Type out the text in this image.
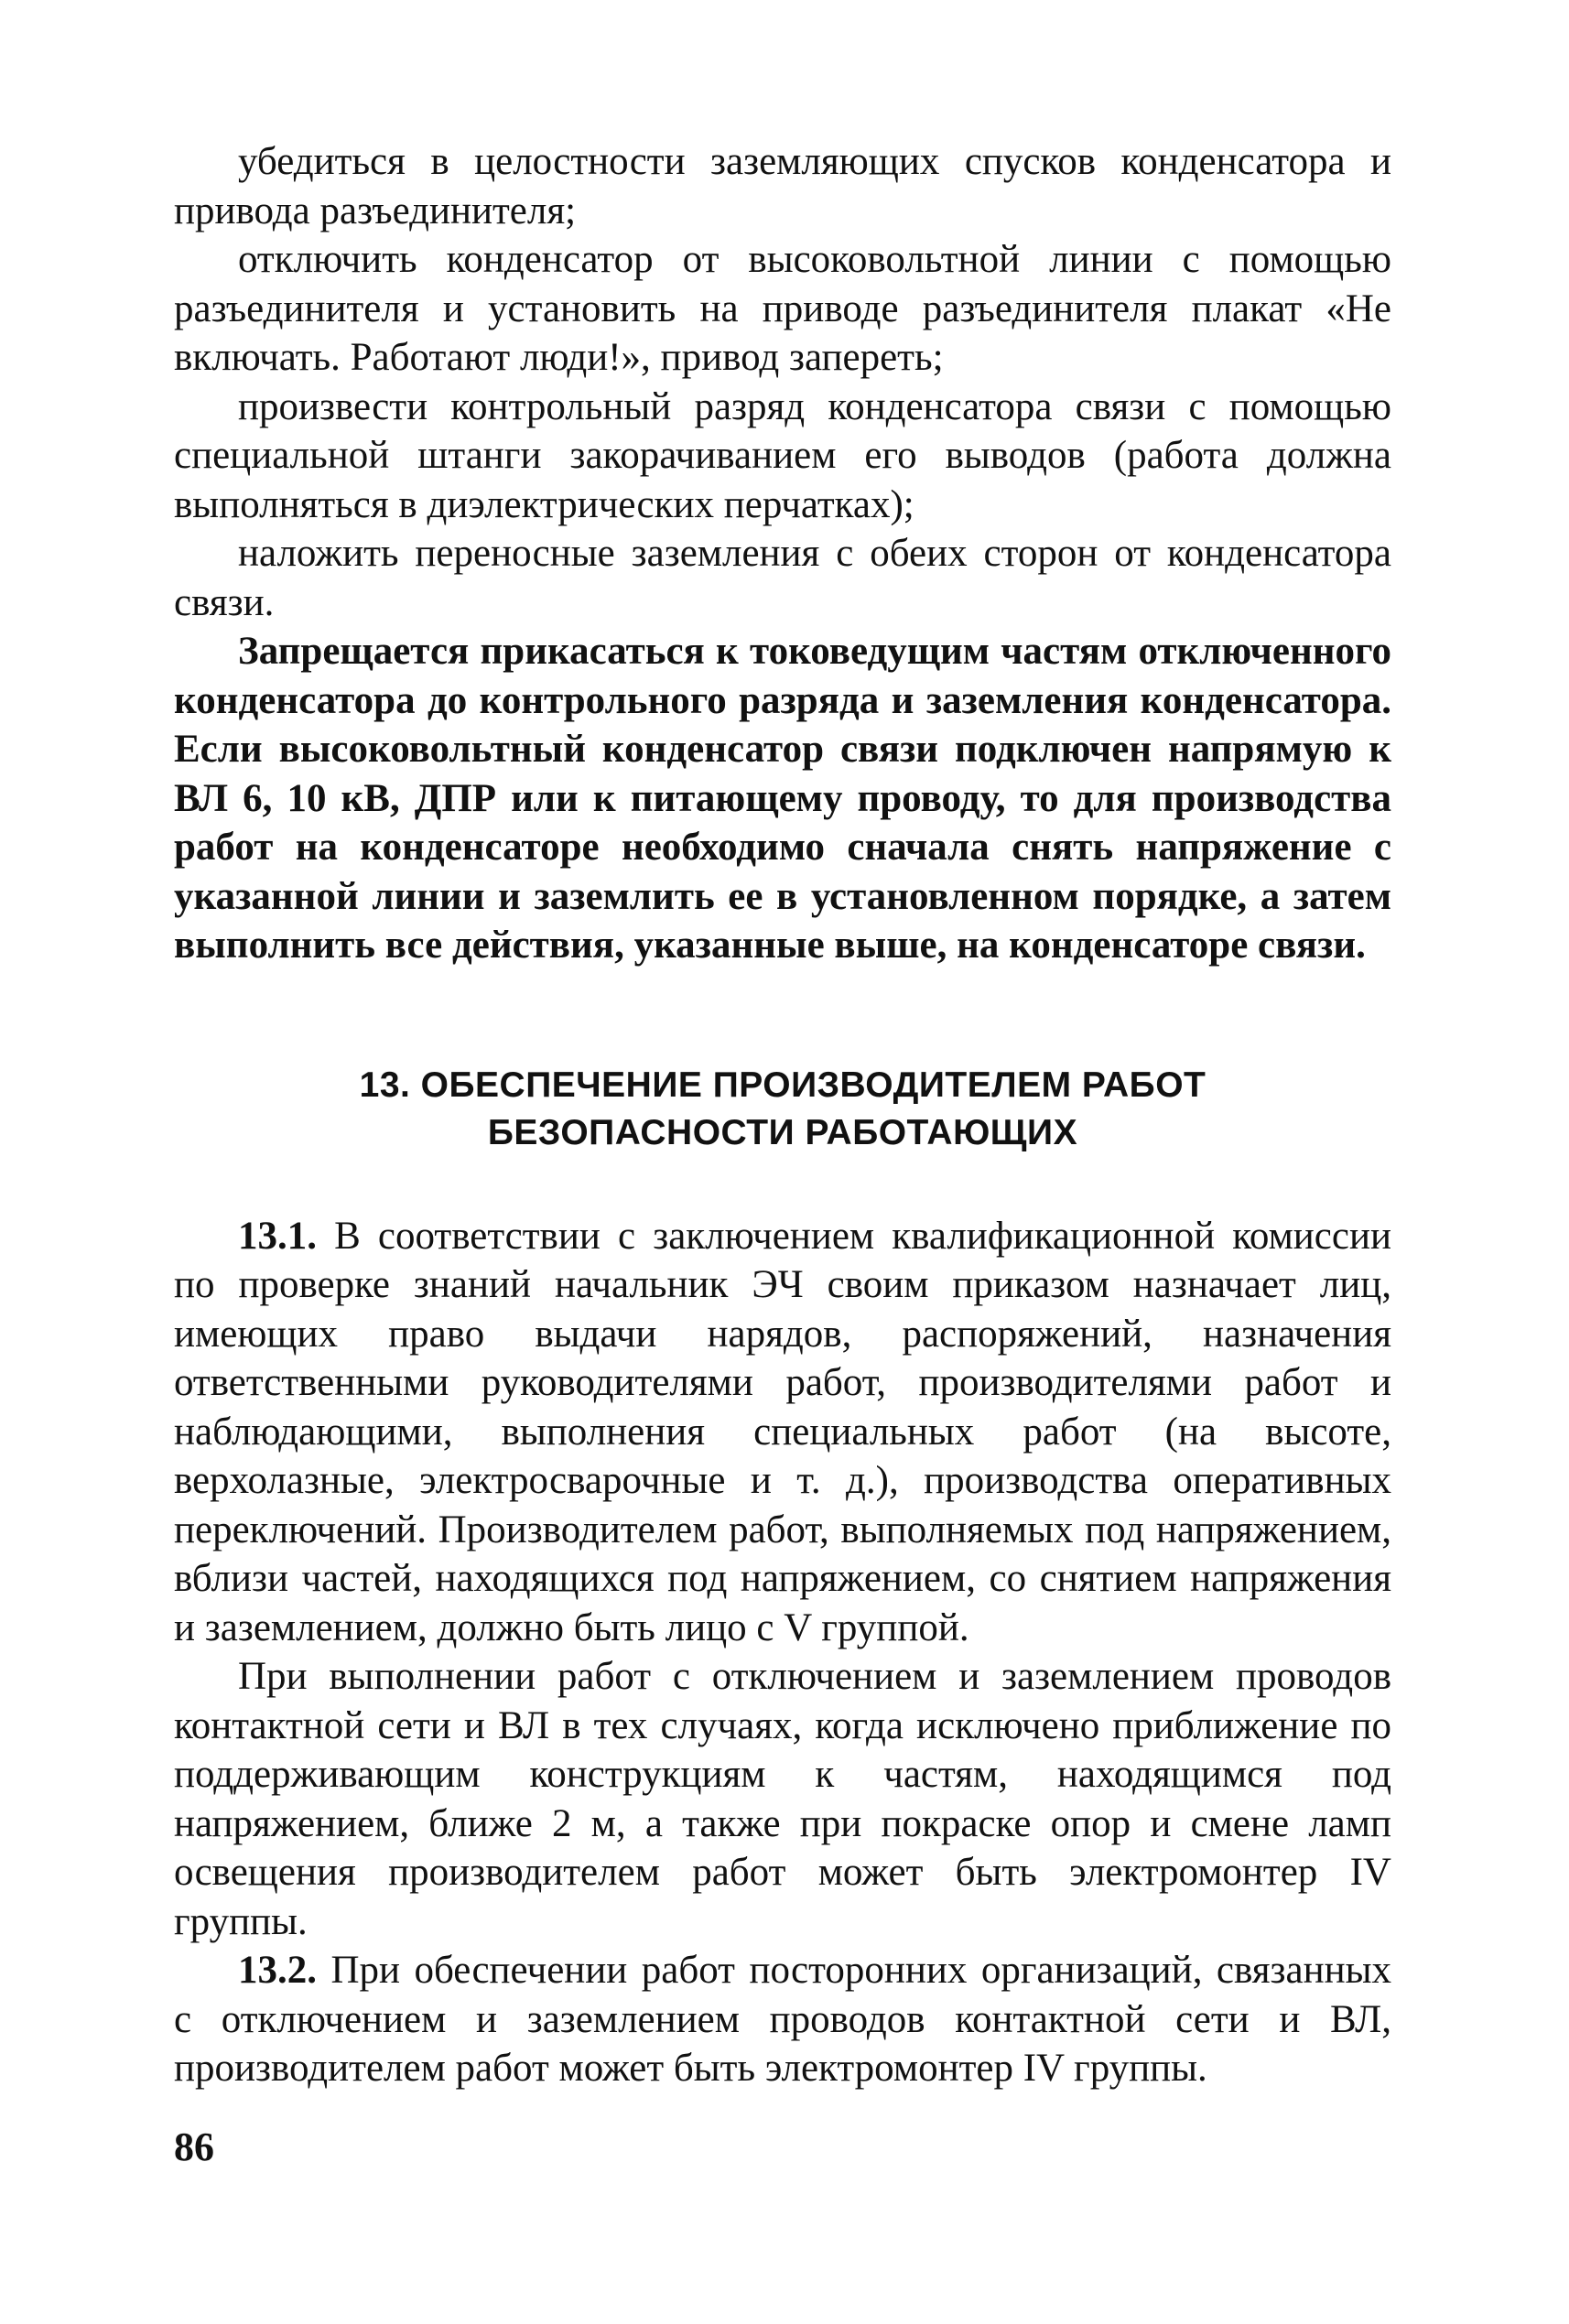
убедиться в целостности заземляющих спусков конденсатора и привода разъединителя;

отключить конденсатор от высоковольтной линии с помощью разъединителя и установить на приводе разъединителя плакат «Не включать. Работают люди!», привод запереть;

произвести контрольный разряд конденсатора связи с помощью специальной штанги закорачиванием его выводов (работа должна выполняться в диэлектрических перчатках);

наложить переносные заземления с обеих сторон от конденсатора связи.

Запрещается прикасаться к токоведущим частям отключенного конденсатора до контрольного разряда и заземления конденсатора. Если высоковольтный конденсатор связи подключен напрямую к ВЛ 6, 10 кВ, ДПР или к питающему проводу, то для производства работ на конденсаторе необходимо сначала снять напряжение с указанной линии и заземлить ее в установленном порядке, а затем выполнить все действия, указанные выше, на конденсаторе связи.

13. ОБЕСПЕЧЕНИЕ ПРОИЗВОДИТЕЛЕМ РАБОТ
БЕЗОПАСНОСТИ РАБОТАЮЩИХ

13.1. В соответствии с заключением квалификационной комиссии по проверке знаний начальник ЭЧ своим приказом назначает лиц, имеющих право выдачи нарядов, распоряжений, назначения ответственными руководителями работ, производителями работ и наблюдающими, выполнения специальных работ (на высоте, верхолазные, электросварочные и т. д.), производства оперативных переключений. Производителем работ, выполняемых под напряжением, вблизи частей, находящихся под напряжением, со снятием напряжения и заземлением, должно быть лицо с V группой.

При выполнении работ с отключением и заземлением проводов контактной сети и ВЛ в тех случаях, когда исключено приближение по поддерживающим конструкциям к частям, находящимся под напряжением, ближе 2 м, а также при покраске опор и смене ламп освещения производителем работ может быть электромонтер IV группы.

13.2. При обеспечении работ посторонних организаций, связанных с отключением и заземлением проводов контактной сети и ВЛ, производителем работ может быть электромонтер IV группы.

86
